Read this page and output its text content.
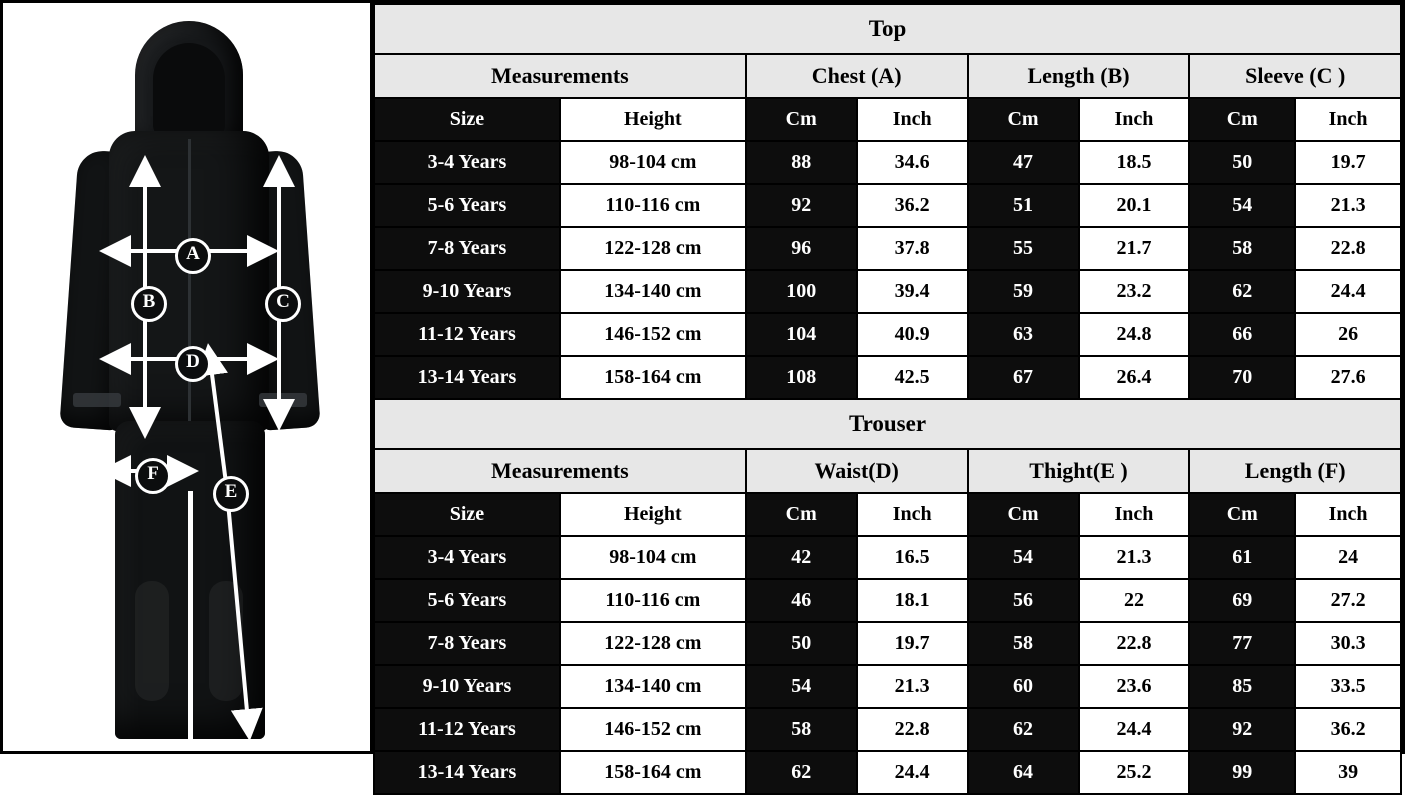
A
B	C
D
E
F
Top							
Measurements		Chest (A)		Length (B)		Sleeve (C )	
Size	Height	Cm	Inch	Cm	Inch	Cm	Inch
3-4 Years	98-104 cm	88	34.6	47	18.5	50	19.7
5-6 Years	110-116 cm	92	36.2	51	20.1	54	21.3
7-8 Years	122-128 cm	96	37.8	55	21.7	58	22.8
9-10 Years	134-140 cm	100	39.4	59	23.2	62	24.4
11-12 Years	146-152 cm	104	40.9	63	24.8	66	26
13-14 Years	158-164 cm	108	42.5	67	26.4	70	27.6
Trouser							
Measurements		Waist(D)		Thight(E )		Length (F)	
Size	Height	Cm	Inch	Cm	Inch	Cm	Inch
3-4 Years	98-104 cm	42	16.5	54	21.3	61	24
5-6 Years	110-116 cm	46	18.1	56	22	69	27.2
7-8 Years	122-128 cm	50	19.7	58	22.8	77	30.3
9-10 Years	134-140 cm	54	21.3	60	23.6	85	33.5
11-12 Years	146-152 cm	58	22.8	62	24.4	92	36.2
13-14 Years	158-164 cm	62	24.4	64	25.2	99	39
